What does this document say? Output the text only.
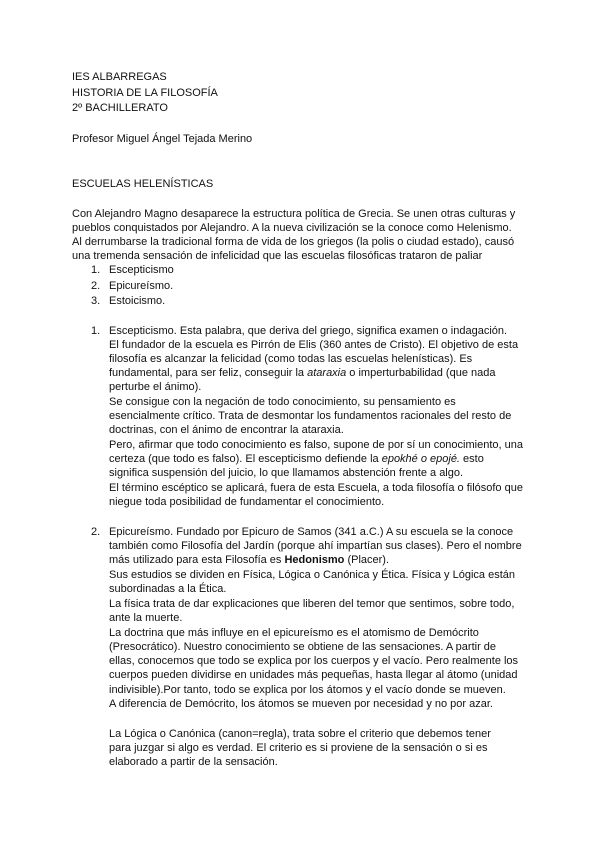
IES ALBARREGAS
HISTORIA DE LA FILOSOFÍA
2º BACHILLERATO
Profesor Miguel Ángel Tejada Merino
ESCUELAS HELENÍSTICAS
Con Alejandro Magno desaparece la estructura política de Grecia. Se unen otras culturas y
pueblos conquistados por Alejandro. A la nueva civilización se la conoce como Helenismo.
Al derrumbarse la tradicional forma de vida de los griegos (la polis o ciudad estado), causó
una tremenda sensación de infelicidad que las escuelas filosóficas trataron de paliar
1. Escepticismo
2. Epicureísmo.
3. Estoicismo.
1. Escepticismo. Esta palabra, que deriva del griego, significa examen o indagación.
El fundador de la escuela es Pirrón de Elis (360 antes de Cristo). El objetivo de esta
filosofía es alcanzar la felicidad (como todas las escuelas helenísticas). Es
fundamental, para ser feliz, conseguir la ataraxia o imperturbabilidad (que nada
perturbe el ánimo).
Se consigue con la negación de todo conocimiento, su pensamiento es
esencialmente crítico. Trata de desmontar los fundamentos racionales del resto de
doctrinas, con el ánimo de encontrar la ataraxia.
Pero, afirmar que todo conocimiento es falso, supone de por sí un conocimiento, una
certeza (que todo es falso). El escepticismo defiende la epokhé o epojé. esto
significa suspensión del juicio, lo que llamamos abstención frente a algo.
El término escéptico se aplicará, fuera de esta Escuela, a toda filosofía o filósofo que
niegue toda posibilidad de fundamentar el conocimiento.
2. Epicureísmo. Fundado por Epicuro de Samos (341 a.C.) A su escuela se la conoce
también como Filosofía del Jardín (porque ahí impartían sus clases). Pero el nombre
más utilizado para esta Filosofía es Hedonismo (Placer).
Sus estudios se dividen en Física, Lógica o Canónica y Ética. Física y Lógica están
subordinadas a la Ética.
La física trata de dar explicaciones que liberen del temor que sentimos, sobre todo,
ante la muerte.
La doctrina que más influye en el epicureísmo es el atomismo de Demócrito
(Presocrático). Nuestro conocimiento se obtiene de las sensaciones. A partir de
ellas, conocemos que todo se explica por los cuerpos y el vacío. Pero realmente los
cuerpos pueden dividirse en unidades más pequeñas, hasta llegar al átomo (unidad
indivisible).Por tanto, todo se explica por los átomos y el vacío donde se mueven.
A diferencia de Demócrito, los átomos se mueven por necesidad y no por azar.
La Lógica o Canónica (canon=regla), trata sobre el criterio que debemos tener
para juzgar si algo es verdad. El criterio es si proviene de la sensación o si es
elaborado a partir de la sensación.
